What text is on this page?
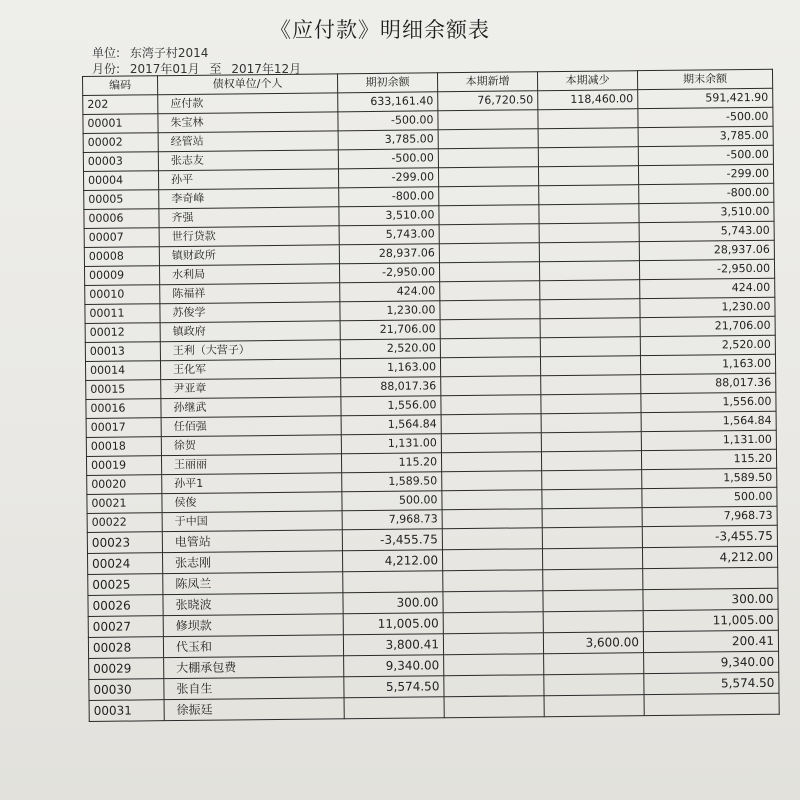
《应付款》明细余额表
单位: 东湾子村2014
月份: 2017年01月 至 2017年12月
编码	债权单位/个人	期初余额	本期新增	本期减少	期末余额
202	应付款	633,161.40	76,720.50	118,460.00	591,421.90
00001	朱宝林	-500.00			-500.00
00002	经管站	3,785.00			3,785.00
00003	张志友	-500.00			-500.00
00004	孙平	-299.00			-299.00
00005	李奇峰	-800.00			-800.00
00006	齐强	3,510.00			3,510.00
00007	世行贷款	5,743.00			5,743.00
00008	镇财政所	28,937.06			28,937.06
00009	水利局	-2,950.00			-2,950.00
00010	陈福祥	424.00			424.00
00011	苏俊学	1,230.00			1,230.00
00012	镇政府	21,706.00			21,706.00
00013	王利（大营子）	2,520.00			2,520.00
00014	王化军	1,163.00			1,163.00
00015	尹亚章	88,017.36			88,017.36
00016	孙继武	1,556.00			1,556.00
00017	任佰强	1,564.84			1,564.84
00018	徐贺	1,131.00			1,131.00
00019	王丽丽	115.20			115.20
00020	孙平1	1,589.50			1,589.50
00021	侯俊	500.00			500.00
00022	于中国	7,968.73			7,968.73
00023	电管站	-3,455.75			-3,455.75
00024	张志刚	4,212.00			4,212.00
00025	陈凤兰				
00026	张晓波	300.00			300.00
00027	修坝款	11,005.00			11,005.00
00028	代玉和	3,800.41		3,600.00	200.41
00029	大棚承包费	9,340.00			9,340.00
00030	张自生	5,574.50			5,574.50
00031	徐振廷				
